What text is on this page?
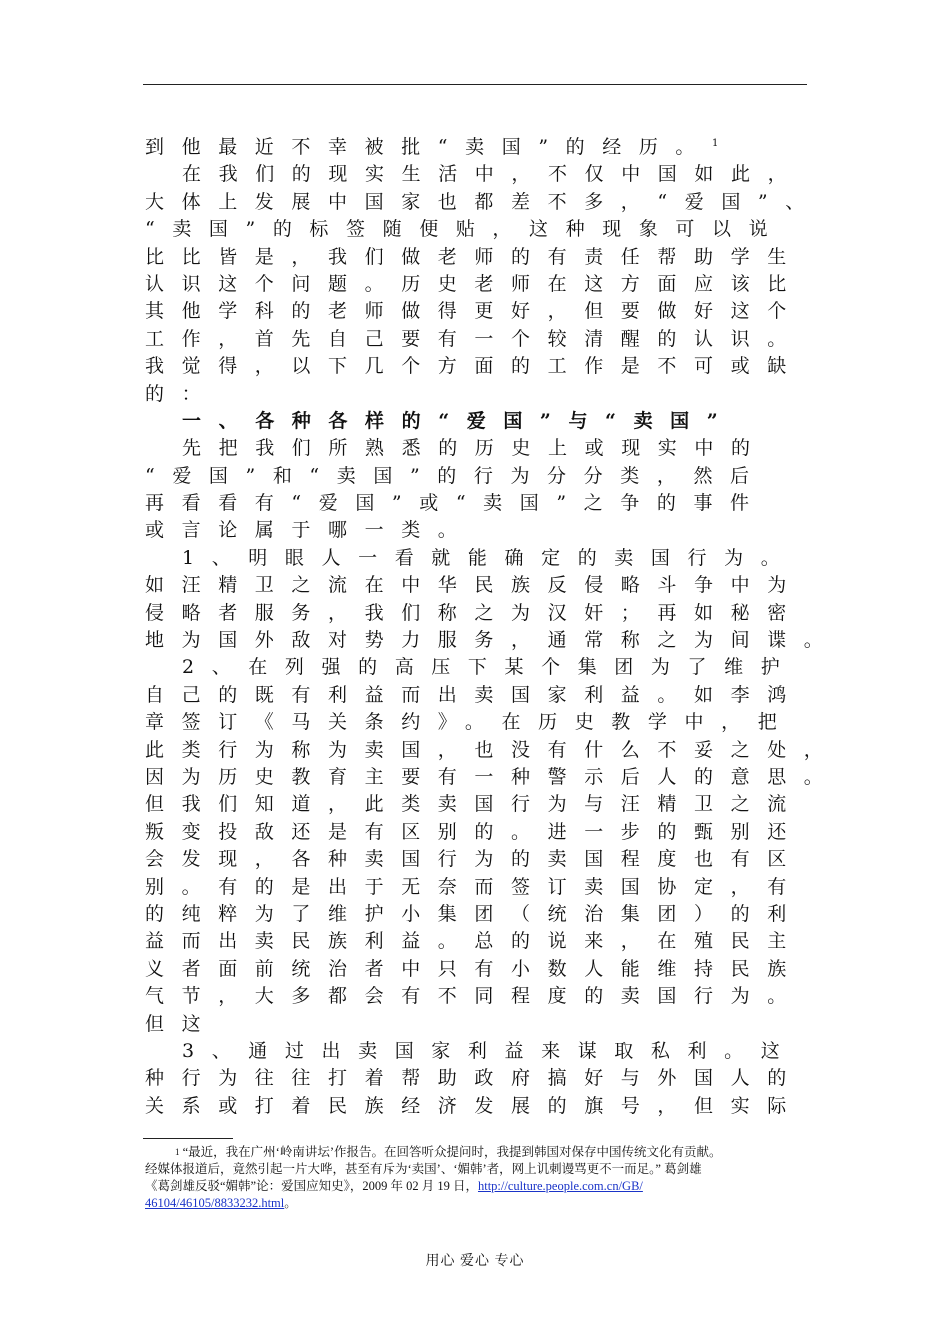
到他最近不幸被批“卖国”的经历。$^1$
在我们的现实生活中，不仅中国如此，
大体上发展中国家也都差不多，“爱国”、
“卖国”的标签随便贴，这种现象可以说
比比皆是，我们做老师的有责任帮助学生
认识这个问题。历史老师在这方面应该比
其他学科的老师做得更好，但要做好这个
工作，首先自己要有一个较清醒的认识。
我觉得，以下几个方面的工作是不可或缺
的：
一、各种各样的“爱国”与“卖国”
先把我们所熟悉的历史上或现实中的
“爱国”和“卖国”的行为分分类，然后
再看看有“爱国”或“卖国”之争的事件
或言论属于哪一类。
1、明眼人一看就能确定的卖国行为。
如汪精卫之流在中华民族反侵略斗争中为
侵略者服务，我们称之为汉奸；再如秘密
地为国外敌对势力服务，通常称之为间谍。
2、在列强的高压下某个集团为了维护
自己的既有利益而出卖国家利益。如李鸿
章签订《马关条约》。在历史教学中，把
此类行为称为卖国，也没有什么不妥之处，
因为历史教育主要有一种警示后人的意思。
但我们知道，此类卖国行为与汪精卫之流
叛变投敌还是有区别的。进一步的甄别还
会发现，各种卖国行为的卖国程度也有区
别。有的是出于无奈而签订卖国协定，有
的纯粹为了维护小集团（统治集团）的利
益而出卖民族利益。总的说来，在殖民主
义者面前统治者中只有小数人能维持民族
气节，大多都会有不同程度的卖国行为。
但这
3、通过出卖国家利益来谋取私利。这
种行为往往打着帮助政府搞好与外国人的
关系或打着民族经济发展的旗号，但实际
$^1$ “最近，我在广州‘岭南讲坛’作报告。在回答听众提问时，我提到韩国对保存中国传统文化有贡献。
经媒体报道后，竟然引起一片大哗，甚至有斥为‘卖国’、‘媚韩’者，网上讥刺谩骂更不一而足。” 葛剑雄
《葛剑雄反驳“媚韩”论：爱国应知史》，2009 年 02 月 19 日，http://culture.people.com.cn/GB/
46104/46105/8833232.html。
用心 爱心 专心
